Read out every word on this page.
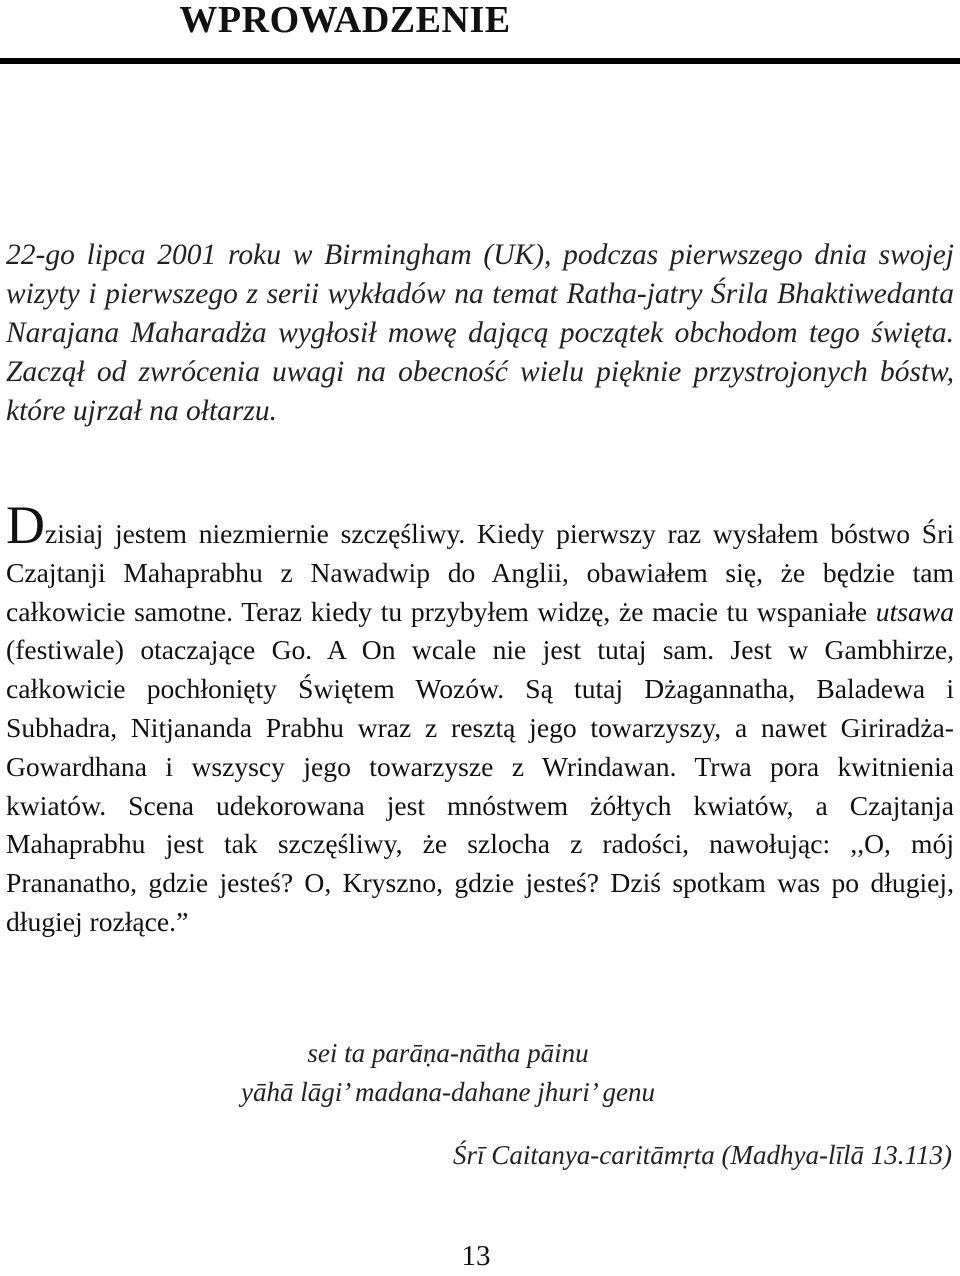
WPROWADZENIE

22-go lipca 2001 roku w Birmingham (UK), podczas pierwszego dnia swojej wizyty i pierwszego z serii wykładów na temat Ratha-jatry Śrila Bhaktiwedanta Narajana Maharadża wygłosił mowę dającą początek obchodom tego święta. Zaczął od zwrócenia uwagi na obecność wielu pięknie przystrojonych bóstw, które ujrzał na ołtarzu.

Dzisiaj jestem niezmiernie szczęśliwy. Kiedy pierwszy raz wysłałem bóstwo Śri Czajtanji Mahaprabhu z Nawadwip do Anglii, obawiałem się, że będzie tam całkowicie samotne. Teraz kiedy tu przybyłem widzę, że macie tu wspaniałe utsawa (festiwale) otaczające Go. A On wcale nie jest tutaj sam. Jest w Gambhirze, całkowicie pochłonięty Świętem Wozów. Są tutaj Dżagannatha, Baladewa i Subhadra, Nitjananda Prabhu wraz z resztą jego towarzyszy, a nawet Giriradża-Gowardhana i wszyscy jego towarzysze z Wrindawan. Trwa pora kwitnienia kwiatów. Scena udekorowana jest mnóstwem żółtych kwiatów, a Czajtanja Mahaprabhu jest tak szczęśliwy, że szlocha z radości, nawołując: ,,O, mój Prananatho, gdzie jesteś? O, Kryszno, gdzie jesteś? Dziś spotkam was po długiej, długiej rozłące.”

sei ta parāṇa-nātha pāinu
yāhā lāgi’ madana-dahane jhuri’ genu
Śrī Caitanya-caritāmṛta (Madhya-līlā 13.113)
13
